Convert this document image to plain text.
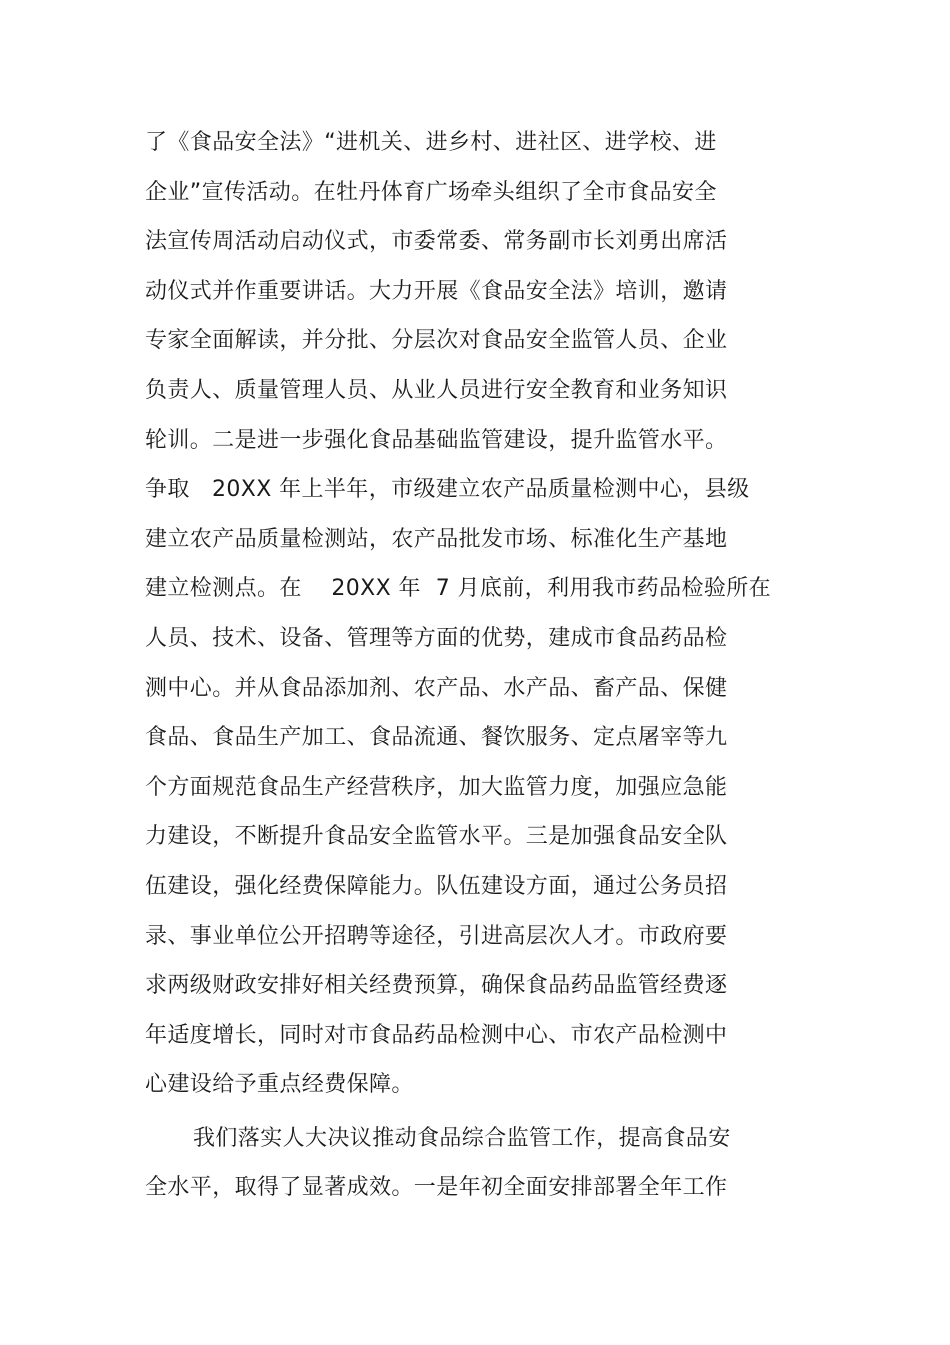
了《食品安全法》“进机关、进乡村、进社区、进学校、进
企业”宣传活动。在牡丹体育广场牵头组织了全市食品安全
法宣传周活动启动仪式，市委常委、常务副市长刘勇出席活
动仪式并作重要讲话。大力开展《食品安全法》培训，邀请
专家全面解读，并分批、分层次对食品安全监管人员、企业
负责人、质量管理人员、从业人员进行安全教育和业务知识
轮训。二是进一步强化食品基础监管建设，提升监管水平。
争取   20XX 年上半年，市级建立农产品质量检测中心，县级
建立农产品质量检测站，农产品批发市场、标准化生产基地
建立检测点。在    20XX 年  7 月底前，利用我市药品检验所在
人员、技术、设备、管理等方面的优势，建成市食品药品检
测中心。并从食品添加剂、农产品、水产品、畜产品、保健
食品、食品生产加工、食品流通、餐饮服务、定点屠宰等九
个方面规范食品生产经营秩序，加大监管力度，加强应急能
力建设，不断提升食品安全监管水平。三是加强食品安全队
伍建设，强化经费保障能力。队伍建设方面，通过公务员招
录、事业单位公开招聘等途径，引进高层次人才。市政府要
求两级财政安排好相关经费预算，确保食品药品监管经费逐
年适度增长，同时对市食品药品检测中心、市农产品检测中
心建设给予重点经费保障。
我们落实人大决议推动食品综合监管工作，提高食品安
全水平，取得了显著成效。一是年初全面安排部署全年工作
